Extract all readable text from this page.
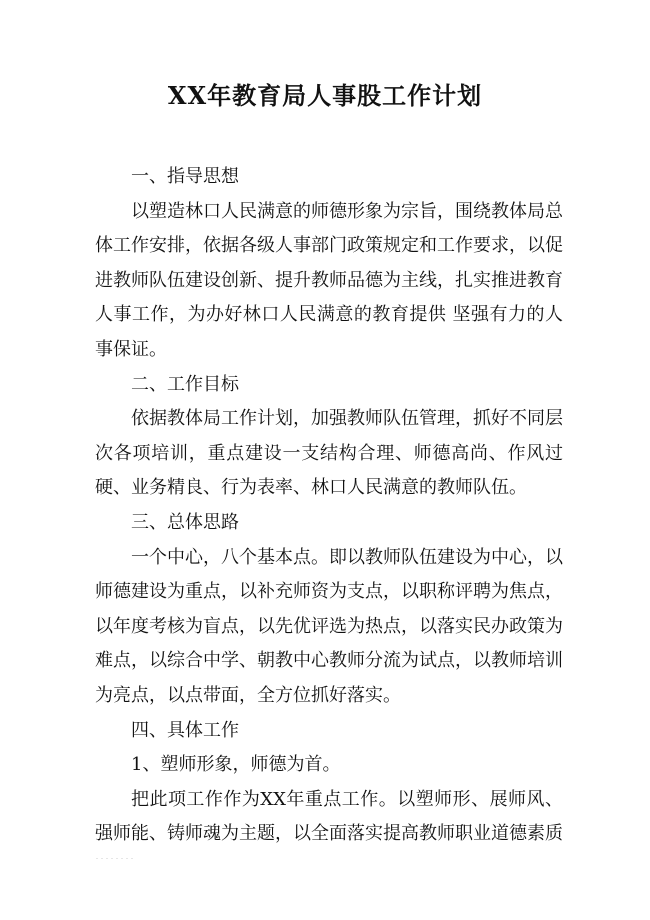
XX年教育局人事股工作计划

一、指导思想

以塑造林口人民满意的师德形象为宗旨，围绕教体局总体工作安排，依据各级人事部门政策规定和工作要求，以促进教师队伍建设创新、提升教师品德为主线，扎实推进教育人事工作，为办好林口人民满意的教育提供 坚强有力的人事保证。

二、工作目标

依据教体局工作计划，加强教师队伍管理，抓好不同层次各项培训，重点建设一支结构合理、师德高尚、作风过硬、业务精良、行为表率、林口人民满意的教师队伍。

三、总体思路

一个中心，八个基本点。即以教师队伍建设为中心，以师德建设为重点，以补充师资为支点，以职称评聘为焦点，以年度考核为盲点，以先优评选为热点，以落实民办政策为难点，以综合中学、朝教中心教师分流为试点，以教师培训为亮点，以点带面，全方位抓好落实。

四、具体工作

1、塑师形象，师德为首。

把此项工作作为XX年重点工作。以塑师形、展师风、强师能、铸师魂为主题，以全面落实提高教师职业道德素质
